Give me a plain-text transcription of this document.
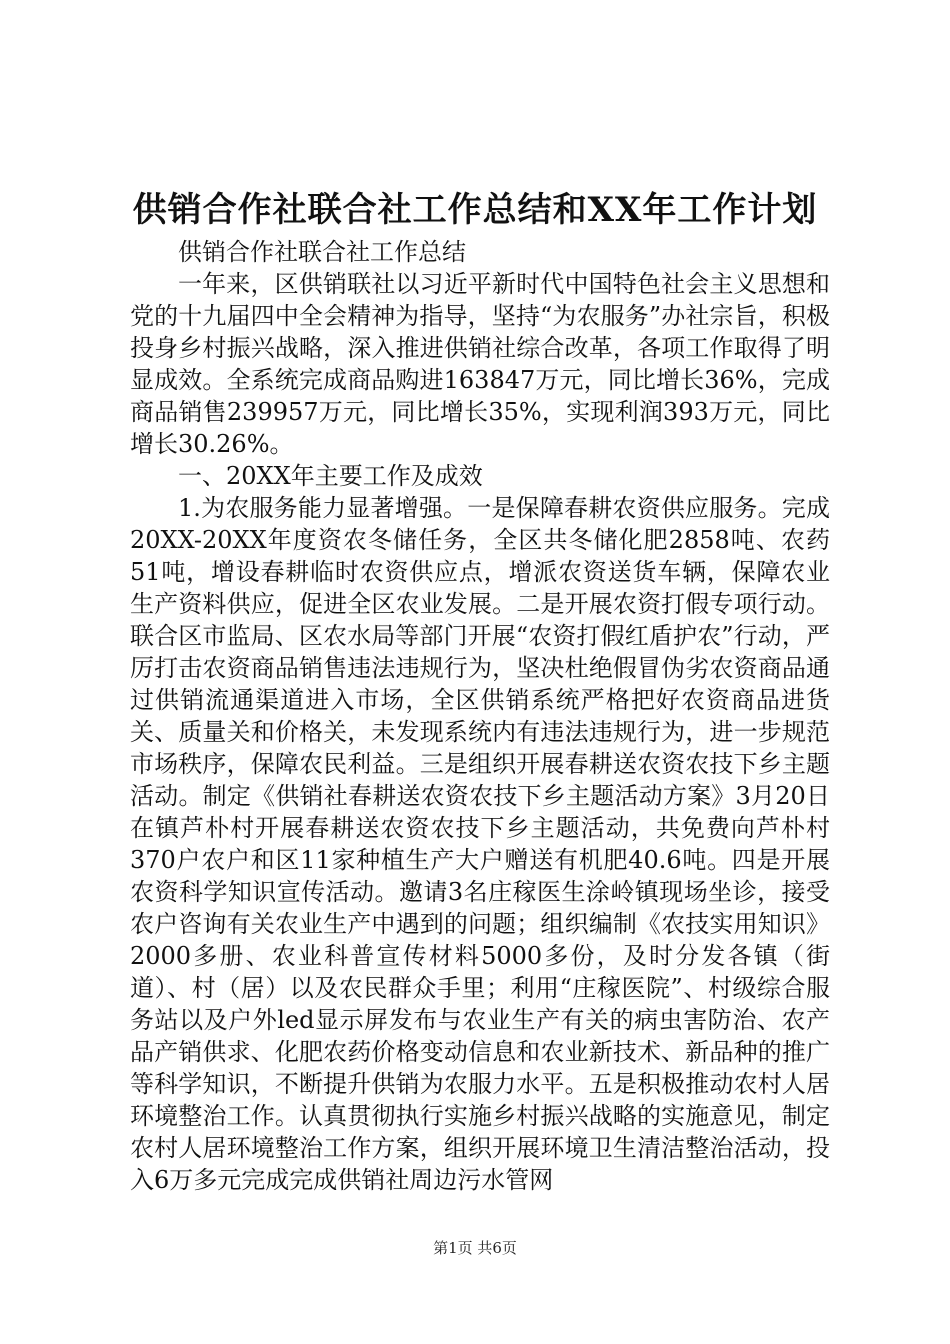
供销合作社联合社工作总结和XX年工作计划

供销合作社联合社工作总结

一年来，区供销联社以习近平新时代中国特色社会主义思想和党的十九届四中全会精神为指导，坚持“为农服务”办社宗旨，积极投身乡村振兴战略，深入推进供销社综合改革，各项工作取得了明显成效。全系统完成商品购进163847万元，同比增长36%，完成商品销售239957万元，同比增长35%，实现利润393万元，同比增长30.26%。

一、20XX年主要工作及成效

1.为农服务能力显著增强。一是保障春耕农资供应服务。完成20XX-20XX年度资农冬储任务，全区共冬储化肥2858吨、农药51吨，增设春耕临时农资供应点，增派农资送货车辆，保障农业生产资料供应，促进全区农业发展。二是开展农资打假专项行动。联合区市监局、区农水局等部门开展“农资打假红盾护农”行动，严厉打击农资商品销售违法违规行为，坚决杜绝假冒伪劣农资商品通过供销流通渠道进入市场，全区供销系统严格把好农资商品进货关、质量关和价格关，未发现系统内有违法违规行为，进一步规范市场秩序，保障农民利益。三是组织开展春耕送农资农技下乡主题活动。制定《供销社春耕送农资农技下乡主题活动方案》3月20日在镇芦朴村开展春耕送农资农技下乡主题活动，共免费向芦朴村370户农户和区11家种植生产大户赠送有机肥40.6吨。四是开展农资科学知识宣传活动。邀请3名庄稼医生涂岭镇现场坐诊，接受农户咨询有关农业生产中遇到的问题；组织编制《农技实用知识》2000多册、农业科普宣传材料5000多份，及时分发各镇（街道）、村（居）以及农民群众手里；利用“庄稼医院”、村级综合服务站以及户外led显示屏发布与农业生产有关的病虫害防治、农产品产销供求、化肥农药价格变动信息和农业新技术、新品种的推广等科学知识，不断提升供销为农服力水平。五是积极推动农村人居环境整治工作。认真贯彻执行实施乡村振兴战略的实施意见，制定农村人居环境整治工作方案，组织开展环境卫生清洁整治活动，投入6万多元完成完成供销社周边污水管网

第1页 共6页
